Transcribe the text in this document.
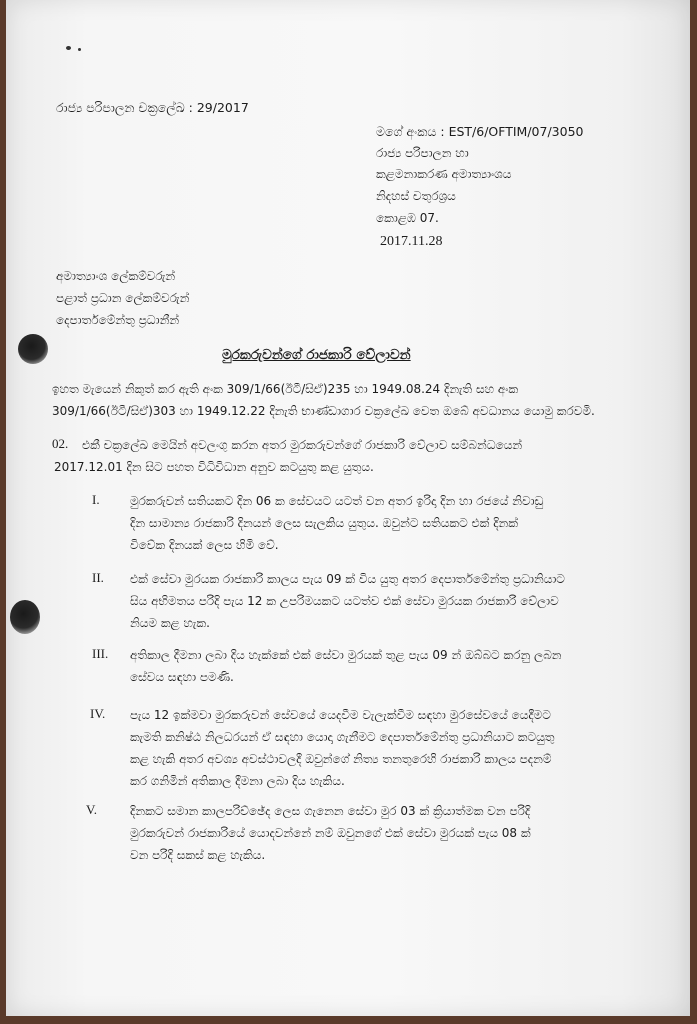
රාජ්‍ය පරිපාලන චක්‍රලේඛ : 29/2017
මගේ අංකය : EST/6/OFTIM/07/3050
රාජ්‍ය පරිපාලන හා
කළමනාකරණ අමාත්‍යාංශය
නිදහස් චතුරශ්‍රය
කොළඹ 07.
2017.11.28
අමාත්‍යාංශ ලේකම්වරුන්
පළාත් ප්‍රධාන ලේකම්වරුන්
දෙපාර්තමේන්තු ප්‍රධානීන්
මුරකරුවන්ගේ රාජකාරි වේලාවන්
ඉහත මැයෙන් නිකුත් කර ඇති අංක 309/1/66(ඊටී/සිඒ)235 හා 1949.08.24 දිනැති සහ අංක
309/1/66(ඊටී/සිඒ)303 හා 1949.12.22 දිනැති භාණ්ඩාගාර චක්‍රලේඛ වෙත ඔබේ අවධානය යොමු කරවමි.
02.	එකී චක්‍රලේඛ මෙයින් අවලංගු කරන අතර මුරකරුවන්ගේ රාජකාරි වේලාව සම්බන්ධයෙන්
2017.12.01 දින සිට පහත විධිවිධාන අනුව කටයුතු කළ යුතුය.
I.	මුරකරුවන් සතියකට දින 06 ක සේවයට යටත් වන අතර ඉරිදා දින හා රජයේ නිවාඩු
දින සාමාන්‍ය රාජකාරි දිනයන් ලෙස සැලකිය යුතුය. ඔවුන්ට සතියකට එක් දිනක්
විවේක දිනයක් ලෙස හිමි වේ.
II. එක් සේවා මුරයක රාජකාරි කාලය පැය 09 ක් විය යුතු අතර දෙපාර්තමේන්තු ප්‍රධානියාට
සිය අභිමතය පරිදි පැය 12 ක උපරිමයකට යටත්ව එක් සේවා මුරයක රාජකාරි වේලාව
නියම කළ හැක.
III. අතිකාල දීමනා ලබා දිය හැක්කේ එක් සේවා මුරයක් තුළ පැය 09 න් ඔබ්බට කරනු ලබන
සේවය සඳහා පමණි.
IV. පැය 12 ඉක්මවා මුරකරුවන් සේවයේ යෙදවීම වැලැක්වීම සඳහා මුරසේවයේ යෙදීමට
කැමති කනිෂ්ඨ නිලධරයන් ඒ සඳහා යොදා ගැනීමට දෙපාර්තමේන්තු ප්‍රධානියාට කටයුතු
කළ හැකි අතර අවශ්‍ය අවස්ථාවලදී ඔවුන්ගේ නිත්‍ය තනතුරෙහි රාජකාරි කාලය පදනම්
කර ගනිමින් අතිකාල දීමනා ලබා දිය හැකිය.
V.	දිනකට සමාන කාලපරිච්ඡේද ලෙස ගැනෙන සේවා මුර 03 ක් ක්‍රියාත්මක වන පරිදි
මුරකරුවන් රාජකාරියේ යොදවන්නේ නම් ඔවුනගේ එක් සේවා මුරයක් පැය 08 ක්
වන පරිදි සකස් කළ හැකිය.
